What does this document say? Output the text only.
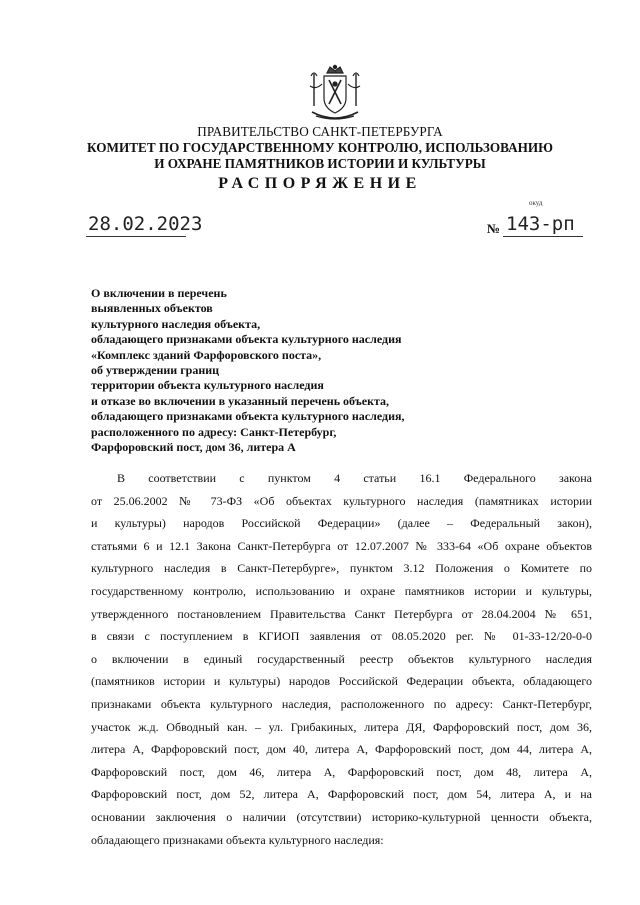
ПРАВИТЕЛЬСТВО САНКТ-ПЕТЕРБУРГА
КОМИТЕТ ПО ГОСУДАРСТВЕННОМУ КОНТРОЛЮ, ИСПОЛЬЗОВАНИЮ
И ОХРАНЕ ПАМЯТНИКОВ ИСТОРИИ И КУЛЬТУРЫ
РАСПОРЯЖЕНИЕ
окуд
28.02.2023	№ 143-рп
О включении в перечень
выявленных объектов
культурного наследия объекта,
обладающего признаками объекта культурного наследия
«Комплекс зданий Фарфоровского поста»,
об утверждении границ
территории объекта культурного наследия
и отказе во включении в указанный перечень объекта,
обладающего признаками объекта культурного наследия,
расположенного по адресу: Санкт-Петербург,
Фарфоровский пост, дом 36, литера А
В соответствии с пунктом 4 статьи 16.1 Федерального закона
от 25.06.2002 № 73-ФЗ «Об объектах культурного наследия (памятниках истории
и культуры) народов Российской Федерации» (далее – Федеральный закон),
статьями 6 и 12.1 Закона Санкт-Петербурга от 12.07.2007 № 333-64 «Об охране объектов
культурного наследия в Санкт-Петербурге», пунктом 3.12 Положения о Комитете по
государственному контролю, использованию и охране памятников истории и культуры,
утвержденного постановлением Правительства Санкт Петербурга от 28.04.2004 № 651,
в связи с поступлением в КГИОП заявления от 08.05.2020 рег. № 01-33-12/20-0-0
о включении в единый государственный реестр объектов культурного наследия
(памятников истории и культуры) народов Российской Федерации объекта, обладающего
признаками объекта культурного наследия, расположенного по адресу: Санкт-Петербург,
участок ж.д. Обводный кан. – ул. Грибакиных, литера ДЯ, Фарфоровский пост, дом 36,
литера А, Фарфоровский пост, дом 40, литера А, Фарфоровский пост, дом 44, литера А,
Фарфоровский пост, дом 46, литера А, Фарфоровский пост, дом 48, литера А,
Фарфоровский пост, дом 52, литера А, Фарфоровский пост, дом 54, литера А, и на
основании заключения о наличии (отсутствии) историко-культурной ценности объекта,
обладающего признаками объекта культурного наследия:
